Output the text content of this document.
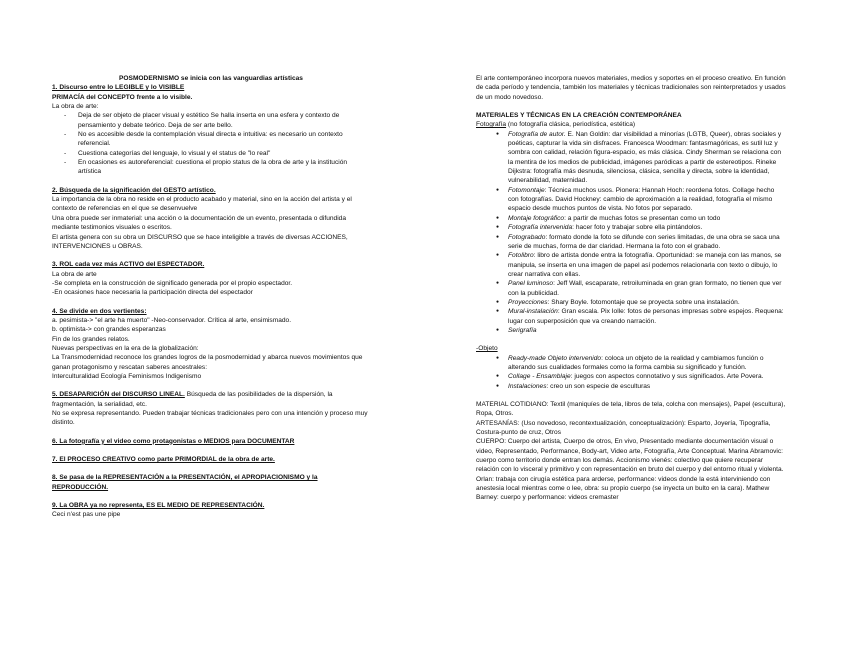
POSMODERNISMO se inicia con las vanguardias artísticas

1. Discurso entre lo LEGIBLE y lo VISIBLE

PRIMACÍA del CONCEPTO frente a lo visible.

La obra de arte:

- Deja de ser objeto de placer visual y estético Se halla inserta en una esfera y contexto de pensamiento y debate teórico. Deja de ser arte bello.
- No es accesible desde la contemplación visual directa e intuitiva: es necesario un contexto referencial.
- Cuestiona categorías del lenguaje, lo visual y el status de "lo real"
- En ocasiones es autoreferencial: cuestiona el propio status de la obra de arte y la institución artística

2. Búsqueda de la significación del GESTO artístico.

La importancia de la obra no reside en el producto acabado y material, sino en la acción del artista y el contexto de referencias en el que se desenvuelve

Una obra puede ser inmaterial: una acción o la documentación de un evento, presentada o difundida mediante testimonios visuales o escritos.

El artista genera con su obra un DISCURSO que se hace inteligible a través de diversas ACCIONES, INTERVENCIONES u OBRAS.

3. ROL cada vez más ACTIVO del ESPECTADOR.

La obra de arte

-Se completa en la construcción de significado generada por el propio espectador.

-En ocasiones hace necesaria la participación directa del espectador

4. Se divide en dos vertientes:

a. pesimista-> "el arte ha muerto" -Neo-conservador. Crítica al arte, ensimismado.

b. optimista-> con grandes esperanzas

Fin de los grandes relatos.

Nuevas perspectivas en la era de la globalización:

La Transmodernidad reconoce los grandes logros de la posmodernidad y abarca nuevos movimientos que ganan protagonismo y rescatan saberes ancestrales:

Interculturalidad Ecología Feminismos Indigenismo

5. DESAPARICIÓN del DISCURSO LINEAL. Búsqueda de las posibilidades de la dispersión, la fragmentación, la serialidad, etc.

No se expresa representando. Pueden trabajar técnicas tradicionales pero con una intención y proceso muy distinto.

6. La fotografía y el video como protagonistas o MEDIOS para DOCUMENTAR

7. El PROCESO CREATIVO como parte PRIMORDIAL de la obra de arte.

8. Se pasa de la REPRESENTACIÓN a la PRESENTACIÓN, el APROPIACIONISMO y la REPRODUCCIÓN.

9. La OBRA ya no representa, ES EL MEDIO DE REPRESENTACIÓN.

Ceci n'est pas une pipe

El arte contemporáneo incorpora nuevos materiales, medios y soportes en el proceso creativo. En función de cada período y tendencia, también los materiales y técnicas tradicionales son reinterpretados y usados de un modo novedoso.

MATERIALES Y TÉCNICAS EN LA CREACIÓN CONTEMPORÁNEA

Fotografía (no fotografía clásica, periodística, estética)

● Fotografía de autor. E. Nan Goldin: dar visibilidad a minorías (LGTB, Queer), obras sociales y poéticas, capturar la vida sin disfraces. Francesca Woodman: fantasmagóricas, es sutil luz y sombra con calidad, relación figura-espacio, es más clásica. Cindy Sherman se relaciona con la mentira de los medios de publicidad, imágenes paródicas a partir de estereotipos. Rineke Dijkstra: fotografía más desnuda, silenciosa, clásica, sencilla y directa, sobre la identidad, vulnerabilidad, maternidad.
● Fotomontaje: Técnica muchos usos. Pionera: Hannah Hoch: reordena fotos. Collage hecho con fotografías. David Hockney: cambio de aproximación a la realidad, fotografía el mismo espacio desde muchos puntos de vista. No fotos por separado.
● Montaje fotográfico: a partir de muchas fotos se presentan como un todo
● Fotografía intervenida: hacer foto y trabajar sobre ella pintándolos.
● Fotograbado: formato donde la foto se difunde con series limitadas, de una obra se saca una serie de muchas, forma de dar claridad. Hermana la foto con el grabado.
● Fotolibro: libro de artista donde entra la fotografía. Oportunidad: se maneja con las manos, se manipula, se inserta en una imagen de papel así podemos relacionarla con texto o dibujo, lo crear narrativa con ellas.
● Panel luminoso: Jeff Wall, escaparate, retroiluminada en gran gran formato, no tienen que ver con la publicidad.
● Proyecciones: Shary Boyle. fotomontaje que se proyecta sobre una instalación.
● Mural-instalación: Gran escala. Pix Iolle: fotos de personas impresas sobre espejos. Requena: lugar con superposición que va creando narración.
● Serigrafía

-Objeto

● Ready-made Objeto intervenido: coloca un objeto de la realidad y cambiamos función o alterando sus cualidades formales como la forma cambia su significado y función.
● Collage - Ensamblaje: juegos con aspectos connotativo y sus significados. Arte Povera.
● Instalaciones: creo un son especie de esculturas

MATERIAL COTIDIANO: Textil (maniquíes de tela, libros de tela, colcha con mensajes), Papel (escultura), Ropa, Otros.

ARTESANÍAS: (Uso novedoso, recontextualización, conceptualización): Esparto, Joyería, Tipografía, Costura-punto de cruz, Otros

CUERPO: Cuerpo del artista, Cuerpo de otros, En vivo, Presentado mediante documentación visual o video, Representado, Performance, Body-art, Video arte, Fotografía, Arte Conceptual. Marina Abramovic: cuerpo como territorio donde entran los demás. Accionismo vienés: colectivo que quiere recuperar relación con lo visceral y primitivo y con representación en bruto del cuerpo y del entorno ritual y violenta. Orlan: trabaja con cirugía estética para arderse, performance: videos donde la está interviniendo con anestesia local mientras come o lee, obra: su propio cuerpo (se inyecta un bulto en la cara). Mathew Barney: cuerpo y performance: videos cremaster
